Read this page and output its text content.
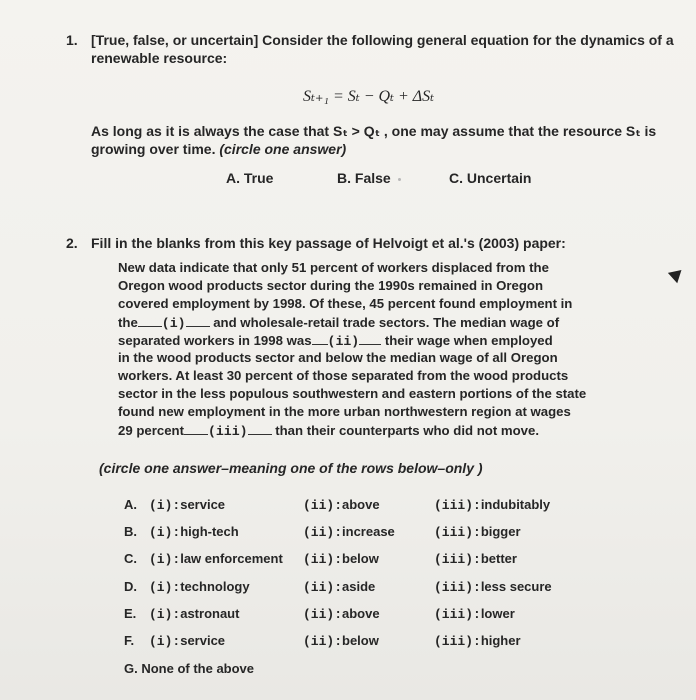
1. [True, false, or uncertain] Consider the following general equation for the dynamics of a
renewable resource:
Sₜ₊₁ = Sₜ − Qₜ + ΔSₜ
As long as it is always the case that Sₜ > Qₜ , one may assume that the resource Sₜ is
growing over time. (circle one answer)
A. True	B. False	C. Uncertain
2. Fill in the blanks from this key passage of Helvoigt et al.'s (2003) paper:
New data indicate that only 51 percent of workers displaced from the
Oregon wood products sector during the 1990s remained in Oregon
covered employment by 1998. Of these, 45 percent found employment in
the (i) and wholesale-retail trade sectors. The median wage of
separated workers in 1998 was (ii) their wage when employed
in the wood products sector and below the median wage of all Oregon
workers. At least 30 percent of those separated from the wood products
sector in the less populous southwestern and eastern portions of the state
found new employment in the more urban northwestern region at wages
29 percent (iii) than their counterparts who did not move.
(circle one answer–meaning one of the rows below–only )
A. (i):service	(ii):above	(iii):indubitably
B. (i):high-tech	(ii):increase	(iii):bigger
C. (i):law enforcement (ii):below	(iii):better
D. (i):technology	(ii):aside	(iii):less secure
E. (i):astronaut	(ii):above	(iii):lower
F. (i):service	(ii):below	(iii):higher
G. None of the above
